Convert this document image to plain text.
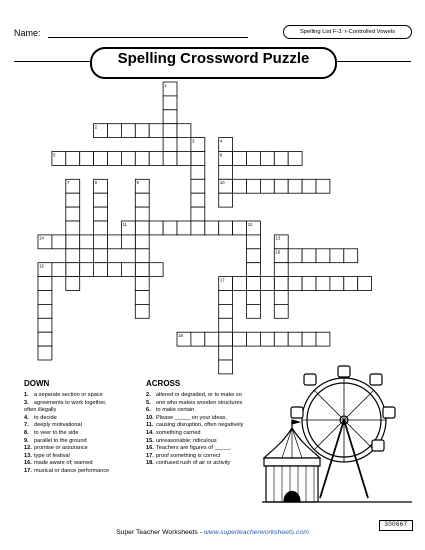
Name:	Spelling List F-3: r-Controlled Vowels
Spelling Crossword Puzzle
1
2
3	4
5	6
7	8	9	10
11	12
13
14
15
16
17
18
DOWN
1. a separate section or space
3. agreements to work together,
often illegally
4. to decide
7. deeply motivational
8. to veer to the side
9. parallel to the ground
12. promise or assurance
13. type of festival
16. made aware of; warned
17. musical or dance performance
ACROSS
2. altered or degraded, or to make so
5. one who makes wooden structures
6. to make certain
10. Please _____ on your ideas.
11. causing disruption, often negatively
14. something carried
15. unreasonable; ridiculous
16. Teachers are figures of _____.
17. proof something is correct
18. confused rush of air or activity
300667
Super Teacher Worksheets - www.superteacherworksheets.com
